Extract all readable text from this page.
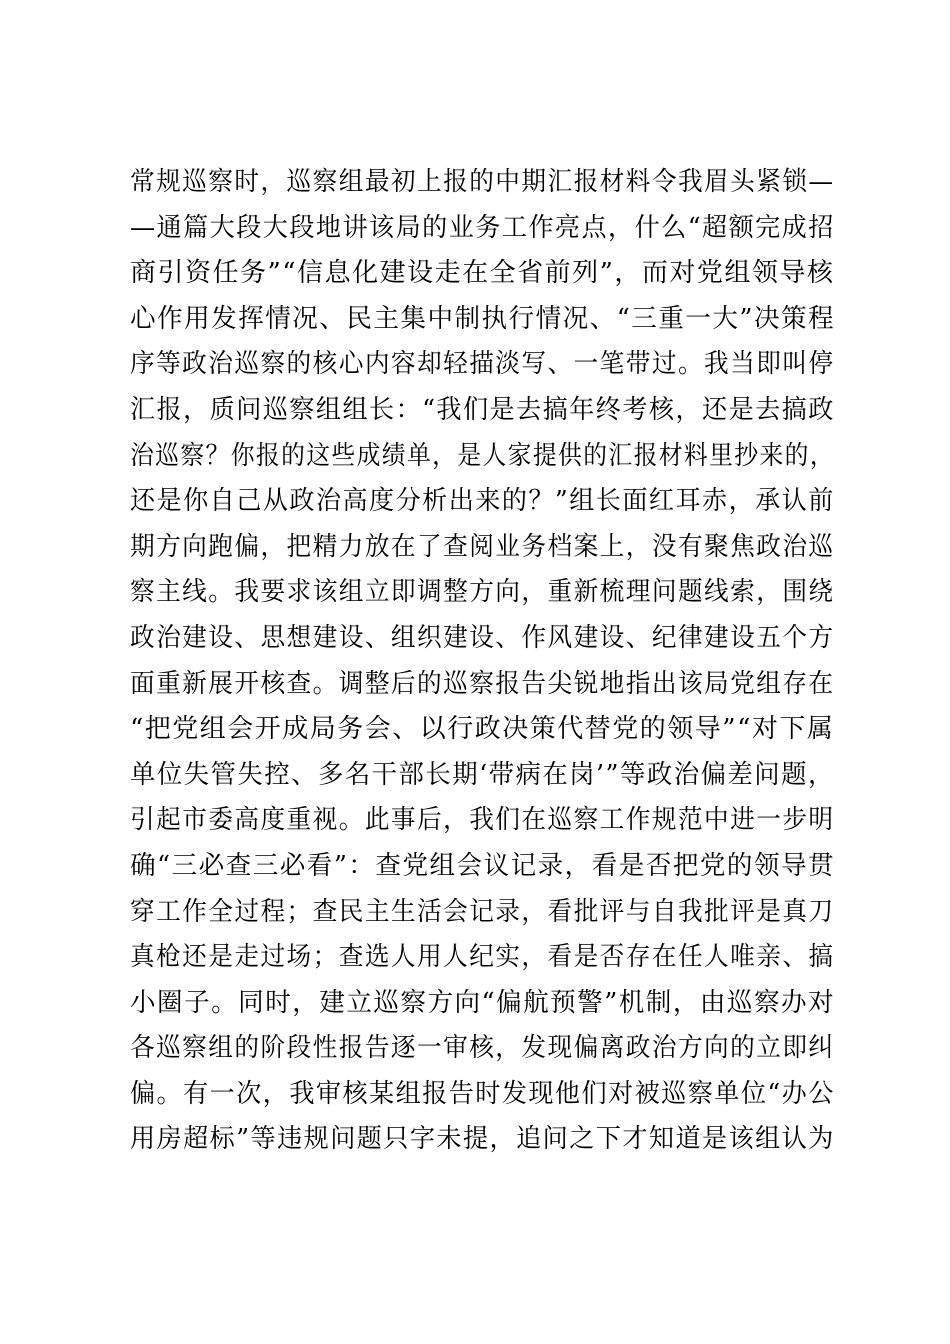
常规巡察时，巡察组最初上报的中期汇报材料令我眉头紧锁—
—通篇大段大段地讲该局的业务工作亮点，什么“超额完成招
商引资任务”“信息化建设走在全省前列”，而对党组领导核
心作用发挥情况、民主集中制执行情况、“三重一大”决策程
序等政治巡察的核心内容却轻描淡写、一笔带过。我当即叫停
汇报，质问巡察组组长：“我们是去搞年终考核，还是去搞政
治巡察？你报的这些成绩单，是人家提供的汇报材料里抄来的，
还是你自己从政治高度分析出来的？”组长面红耳赤，承认前
期方向跑偏，把精力放在了查阅业务档案上，没有聚焦政治巡
察主线。我要求该组立即调整方向，重新梳理问题线索，围绕
政治建设、思想建设、组织建设、作风建设、纪律建设五个方
面重新展开核查。调整后的巡察报告尖锐地指出该局党组存在
“把党组会开成局务会、以行政决策代替党的领导”“对下属
单位失管失控、多名干部长期‘带病在岗’”等政治偏差问题，
引起市委高度重视。此事后，我们在巡察工作规范中进一步明
确“三必查三必看”：查党组会议记录，看是否把党的领导贯
穿工作全过程；查民主生活会记录，看批评与自我批评是真刀
真枪还是走过场；查选人用人纪实，看是否存在任人唯亲、搞
小圈子。同时，建立巡察方向“偏航预警”机制，由巡察办对
各巡察组的阶段性报告逐一审核，发现偏离政治方向的立即纠
偏。有一次，我审核某组报告时发现他们对被巡察单位“办公
用房超标”等违规问题只字未提，追问之下才知道是该组认为
